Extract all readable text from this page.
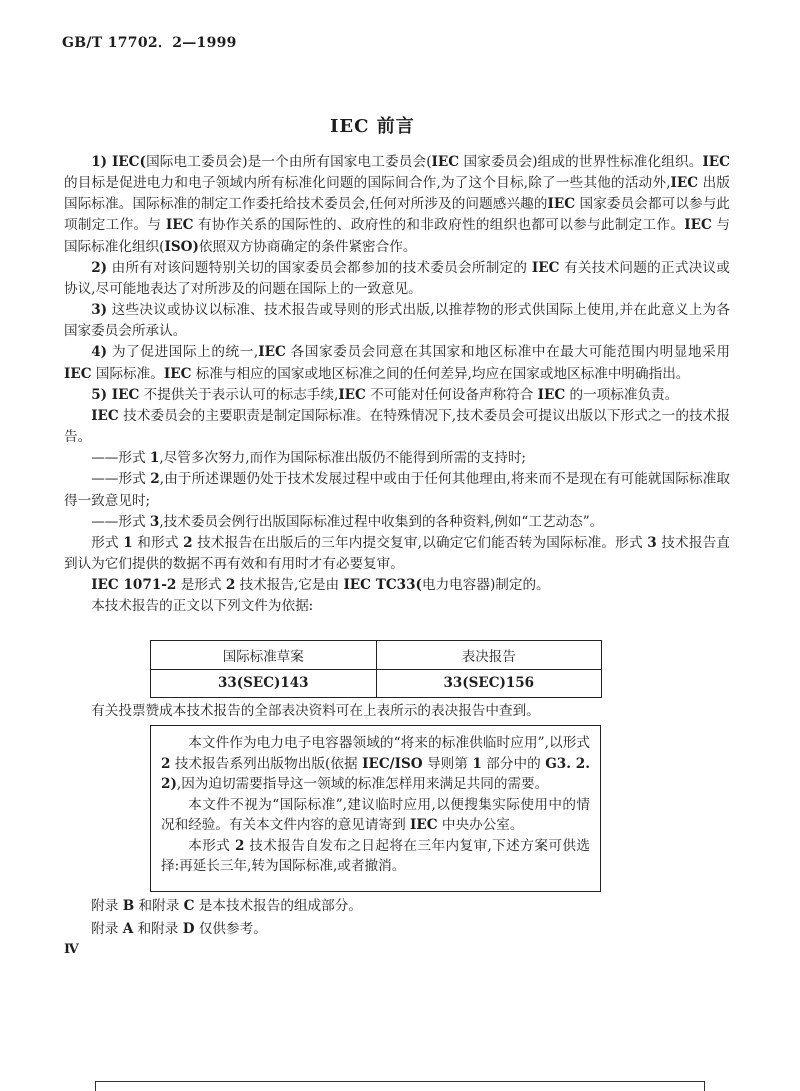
GB/T 17702．2—1999
IEC 前言

1) IEC(国际电工委员会)是一个由所有国家电工委员会(IEC 国家委员会)组成的世界性标准化组织。IEC 的目标是促进电力和电子领域内所有标准化问题的国际间合作,为了这个目标,除了一些其他的活动外,IEC 出版国际标准。国际标准的制定工作委托给技术委员会,任何对所涉及的问题感兴趣的IEC 国家委员会都可以参与此项制定工作。与 IEC 有协作关系的国际性的、政府性的和非政府性的组织也都可以参与此制定工作。IEC 与国际标准化组织(ISO)依照双方协商确定的条件紧密合作。

2) 由所有对该问题特别关切的国家委员会都参加的技术委员会所制定的 IEC 有关技术问题的正式决议或协议,尽可能地表达了对所涉及的问题在国际上的一致意见。

3) 这些决议或协议以标准、技术报告或导则的形式出版,以推荐物的形式供国际上使用,并在此意义上为各国家委员会所承认。

4) 为了促进国际上的统一,IEC 各国家委员会同意在其国家和地区标准中在最大可能范围内明显地采用 IEC 国际标准。IEC 标准与相应的国家或地区标准之间的任何差异,均应在国家或地区标准中明确指出。

5) IEC 不提供关于表示认可的标志手续,IEC 不可能对任何设备声称符合 IEC 的一项标准负责。

IEC 技术委员会的主要职责是制定国际标准。在特殊情况下,技术委员会可提议出版以下形式之一的技术报告。

——形式 1,尽管多次努力,而作为国际标准出版仍不能得到所需的支持时;

——形式 2,由于所述课题仍处于技术发展过程中或由于任何其他理由,将来而不是现在有可能就国际标准取得一致意见时;

——形式 3,技术委员会例行出版国际标准过程中收集到的各种资料,例如“工艺动态”。

形式 1 和形式 2 技术报告在出版后的三年内提交复审,以确定它们能否转为国际标准。形式 3 技术报告直到认为它们提供的数据不再有效和有用时才有必要复审。

IEC 1071-2 是形式 2 技术报告,它是由 IEC TC33(电力电容器)制定的。

本技术报告的正文以下列文件为依据:

国际标准草案	表决报告
33(SEC)143	33(SEC)156

有关投票赞成本技术报告的全部表决资料可在上表所示的表决报告中查到。

本文件作为电力电子电容器领域的“将来的标准供临时应用”,以形式 2 技术报告系列出版物出版(依据 IEC/ISO 导则第 1 部分中的 G3. 2. 2),因为迫切需要指导这一领域的标准怎样用来满足共同的需要。

本文件不视为“国际标准”,建议临时应用,以便搜集实际使用中的情况和经验。有关本文件内容的意见请寄到 IEC 中央办公室。

本形式 2 技术报告自发布之日起将在三年内复审,下述方案可供选择:再延长三年,转为国际标准,或者撤消。

附录 B 和附录 C 是本技术报告的组成部分。

附录 A 和附录 D 仅供参考。

Ⅳ
